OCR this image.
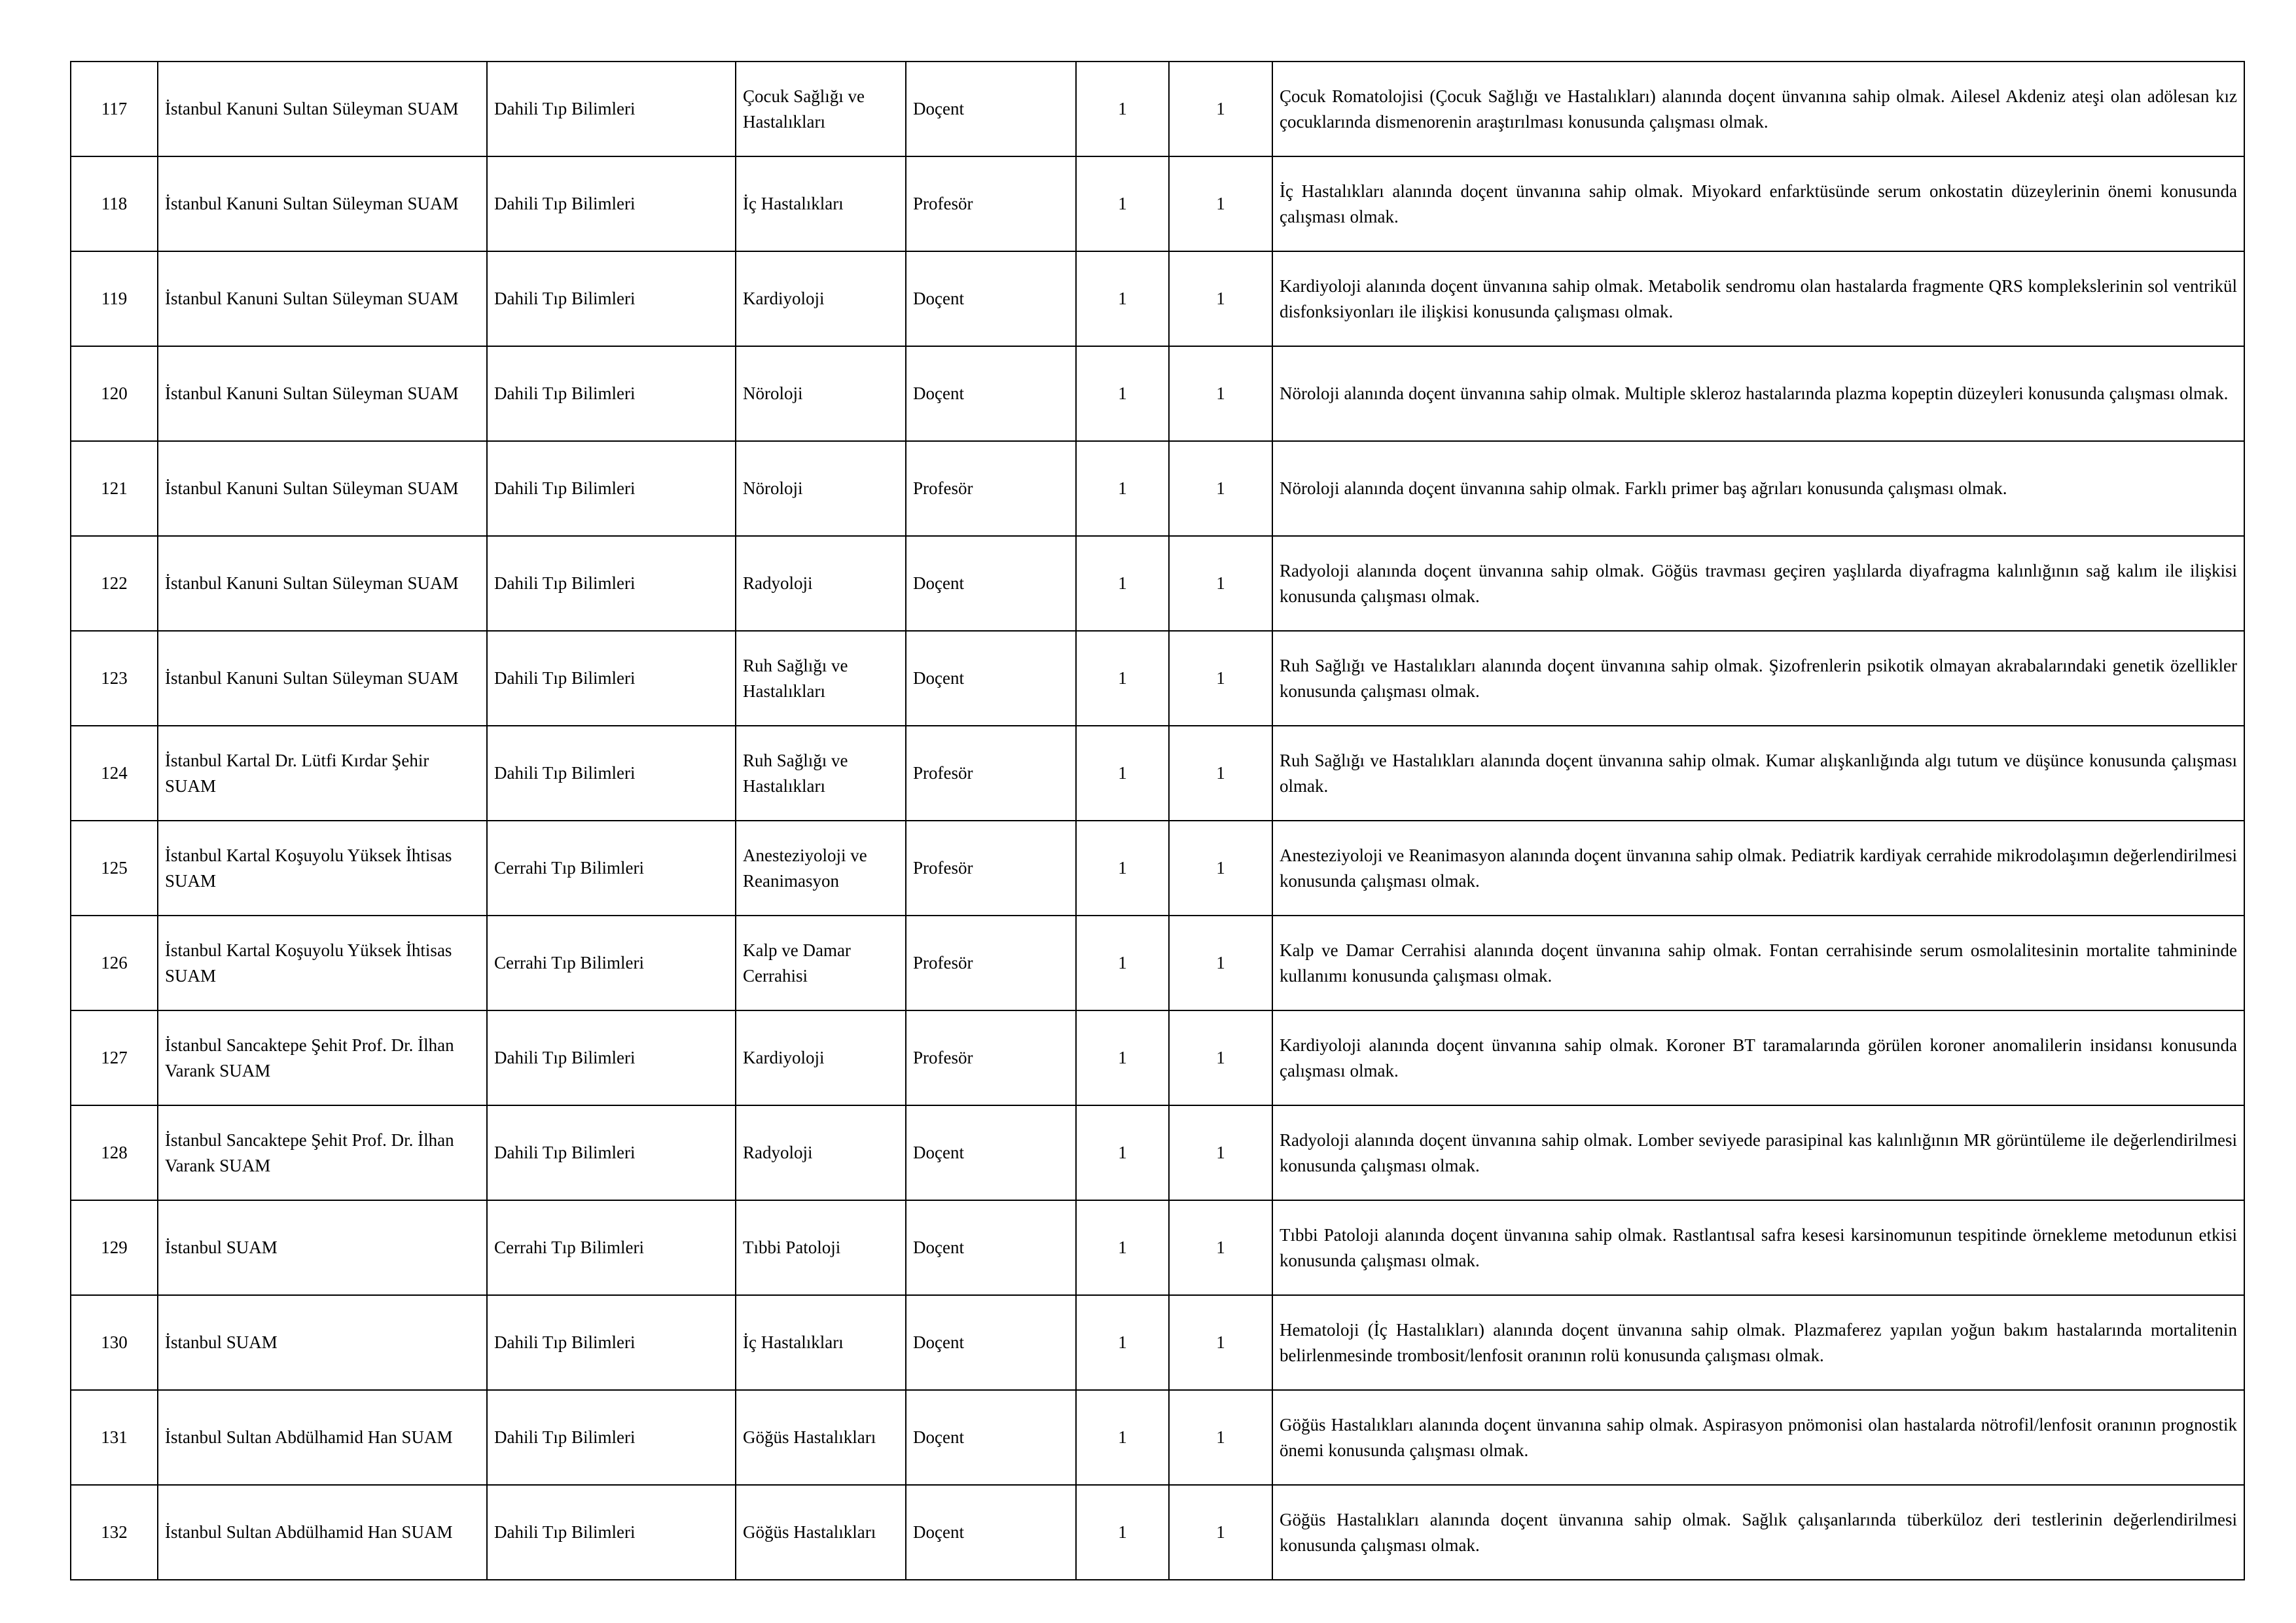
117	İstanbul Kanuni Sultan Süleyman SUAM	Dahili Tıp Bilimleri	Çocuk Sağlığı ve Hastalıkları	Doçent	1	1	Çocuk Romatolojisi (Çocuk Sağlığı ve Hastalıkları) alanında doçent ünvanına sahip olmak. Ailesel Akdeniz ateşi olan adölesan kız çocuklarında dismenorenin araştırılması konusunda çalışması olmak.
118	İstanbul Kanuni Sultan Süleyman SUAM	Dahili Tıp Bilimleri	İç Hastalıkları	Profesör	1	1	İç Hastalıkları alanında doçent ünvanına sahip olmak. Miyokard enfarktüsünde serum onkostatin düzeylerinin önemi konusunda çalışması olmak.
119	İstanbul Kanuni Sultan Süleyman SUAM	Dahili Tıp Bilimleri	Kardiyoloji	Doçent	1	1	Kardiyoloji alanında doçent ünvanına sahip olmak. Metabolik sendromu olan hastalarda fragmente QRS komplekslerinin sol ventrikül disfonksiyonları ile ilişkisi konusunda çalışması olmak.
120	İstanbul Kanuni Sultan Süleyman SUAM	Dahili Tıp Bilimleri	Nöroloji	Doçent	1	1	Nöroloji alanında doçent ünvanına sahip olmak. Multiple skleroz hastalarında plazma kopeptin düzeyleri konusunda çalışması olmak.
121	İstanbul Kanuni Sultan Süleyman SUAM	Dahili Tıp Bilimleri	Nöroloji	Profesör	1	1	Nöroloji alanında doçent ünvanına sahip olmak. Farklı primer baş ağrıları konusunda çalışması olmak.
122	İstanbul Kanuni Sultan Süleyman SUAM	Dahili Tıp Bilimleri	Radyoloji	Doçent	1	1	Radyoloji alanında doçent ünvanına sahip olmak. Göğüs travması geçiren yaşlılarda diyafragma kalınlığının sağ kalım ile ilişkisi konusunda çalışması olmak.
123	İstanbul Kanuni Sultan Süleyman SUAM	Dahili Tıp Bilimleri	Ruh Sağlığı ve Hastalıkları	Doçent	1	1	Ruh Sağlığı ve Hastalıkları alanında doçent ünvanına sahip olmak. Şizofrenlerin psikotik olmayan akrabalarındaki genetik özellikler konusunda çalışması olmak.
124	İstanbul Kartal Dr. Lütfi Kırdar Şehir SUAM	Dahili Tıp Bilimleri	Ruh Sağlığı ve Hastalıkları	Profesör	1	1	Ruh Sağlığı ve Hastalıkları alanında doçent ünvanına sahip olmak. Kumar alışkanlığında algı tutum ve düşünce konusunda çalışması olmak.
125	İstanbul Kartal Koşuyolu Yüksek İhtisas SUAM	Cerrahi Tıp Bilimleri	Anesteziyoloji ve Reanimasyon	Profesör	1	1	Anesteziyoloji ve Reanimasyon alanında doçent ünvanına sahip olmak. Pediatrik kardiyak cerrahide mikrodolaşımın değerlendirilmesi konusunda çalışması olmak.
126	İstanbul Kartal Koşuyolu Yüksek İhtisas SUAM	Cerrahi Tıp Bilimleri	Kalp ve Damar Cerrahisi	Profesör	1	1	Kalp ve Damar Cerrahisi alanında doçent ünvanına sahip olmak. Fontan cerrahisinde serum osmolalitesinin mortalite tahmininde kullanımı konusunda çalışması olmak.
127	İstanbul Sancaktepe Şehit Prof. Dr. İlhan Varank SUAM	Dahili Tıp Bilimleri	Kardiyoloji	Profesör	1	1	Kardiyoloji alanında doçent ünvanına sahip olmak. Koroner BT taramalarında görülen koroner anomalilerin insidansı konusunda çalışması olmak.
128	İstanbul Sancaktepe Şehit Prof. Dr. İlhan Varank SUAM	Dahili Tıp Bilimleri	Radyoloji	Doçent	1	1	Radyoloji alanında doçent ünvanına sahip olmak. Lomber seviyede parasipinal kas kalınlığının MR görüntüleme ile değerlendirilmesi konusunda çalışması olmak.
129	İstanbul SUAM	Cerrahi Tıp Bilimleri	Tıbbi Patoloji	Doçent	1	1	Tıbbi Patoloji alanında doçent ünvanına sahip olmak. Rastlantısal safra kesesi karsinomunun tespitinde örnekleme metodunun etkisi konusunda çalışması olmak.
130	İstanbul SUAM	Dahili Tıp Bilimleri	İç Hastalıkları	Doçent	1	1	Hematoloji (İç Hastalıkları) alanında doçent ünvanına sahip olmak. Plazmaferez yapılan yoğun bakım hastalarında mortalitenin belirlenmesinde trombosit/lenfosit oranının rolü konusunda çalışması olmak.
131	İstanbul Sultan Abdülhamid Han SUAM	Dahili Tıp Bilimleri	Göğüs Hastalıkları	Doçent	1	1	Göğüs Hastalıkları alanında doçent ünvanına sahip olmak. Aspirasyon pnömonisi olan hastalarda nötrofil/lenfosit oranının prognostik önemi konusunda çalışması olmak.
132	İstanbul Sultan Abdülhamid Han SUAM	Dahili Tıp Bilimleri	Göğüs Hastalıkları	Doçent	1	1	Göğüs Hastalıkları alanında doçent ünvanına sahip olmak. Sağlık çalışanlarında tüberküloz deri testlerinin değerlendirilmesi konusunda çalışması olmak.
